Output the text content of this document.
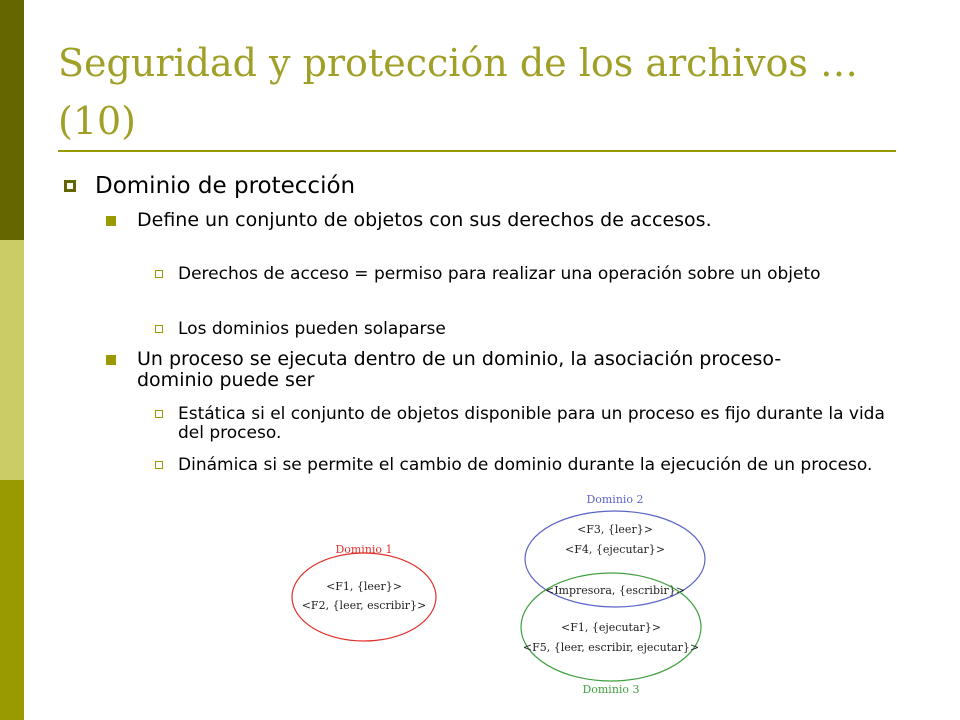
Seguridad y protección de los archivos … (10)
Dominio de protección
Define un conjunto de objetos con sus derechos de accesos.
Derechos de acceso = permiso para realizar una operación sobre un objeto
Los dominios pueden solaparse
Un proceso se ejecuta dentro de un dominio, la asociación proceso-dominio puede ser
Estática si el conjunto de objetos disponible para un proceso es fijo durante la vida del proceso.
Dinámica si se permite el cambio de dominio durante la ejecución de un proceso.
Dominio 1
<F1, {leer}>
<F2, {leer, escribir}>
Dominio 2
<F3, {leer}>
<F4, {ejecutar}>
<Impresora, {escribir}>
<F1, {ejecutar}>
<F5, {leer, escribir, ejecutar}>
Dominio 3
